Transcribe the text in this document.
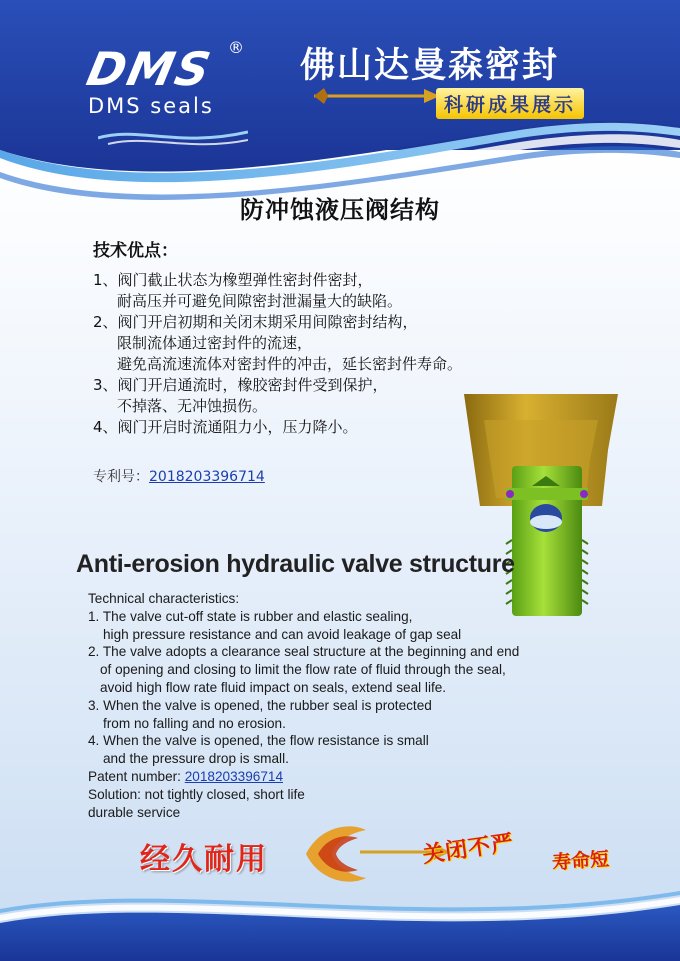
DMS ®
DMS seals
佛山达曼森密封
科研成果展示
防冲蚀液压阀结构
技术优点：
1、阀门截止状态为橡塑弹性密封件密封，
耐高压并可避免间隙密封泄漏量大的缺陷。
2、阀门开启初期和关闭末期采用间隙密封结构，
限制流体通过密封件的流速，
避免高流速流体对密封件的冲击，延长密封件寿命。
3、阀门开启通流时，橡胶密封件受到保护，
不掉落、无冲蚀损伤。
4、阀门开启时流通阻力小，压力降小。
专利号：2018203396714
Anti-erosion hydraulic valve structure
Technical characteristics:
1. The valve cut-off state is rubber and elastic sealing,
high pressure resistance and can avoid leakage of gap seal
2. The valve adopts a clearance seal structure at the beginning and end
of opening and closing to limit the flow rate of fluid through the seal,
avoid high flow rate fluid impact on seals, extend seal life.
3. When the valve is opened, the rubber seal is protected
from no falling and no erosion.
4. When the valve is opened, the flow resistance is small
and the pressure drop is small.
Patent number: 2018203396714
Solution: not tightly closed, short life
durable service
经久耐用	关闭不严 寿命短
